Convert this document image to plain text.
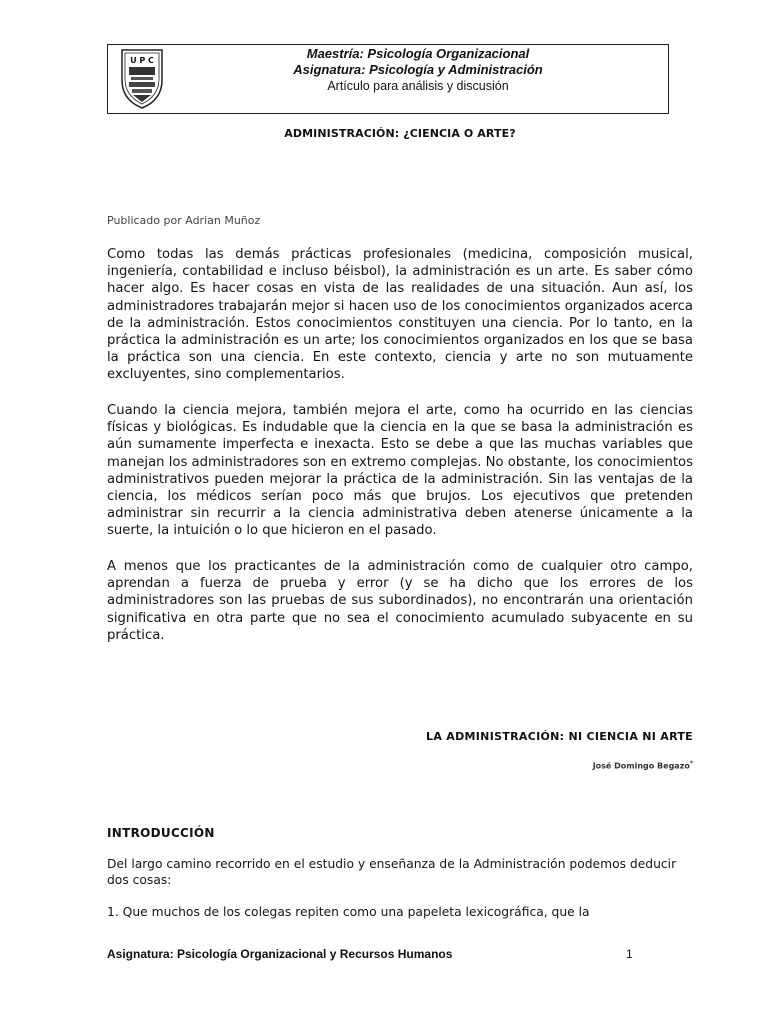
U P C	Maestría: Psicología Organizacional
Asignatura: Psicología y Administración
Artículo para análisis y discusión
ADMINISTRACIÓN: ¿CIENCIA O ARTE?
Publicado por Adrian Muñoz
Como todas las demás prácticas profesionales (medicina, composición musical, ingeniería, contabilidad e incluso béisbol), la administración es un arte. Es saber cómo hacer algo. Es hacer cosas en vista de las realidades de una situación. Aun así, los administradores trabajarán mejor si hacen uso de los conocimientos organizados acerca de la administración. Estos conocimientos constituyen una ciencia. Por lo tanto, en la práctica la administración es un arte; los conocimientos organizados en los que se basa la práctica son una ciencia. En este contexto, ciencia y arte no son mutuamente excluyentes, sino complementarios.
Cuando la ciencia mejora, también mejora el arte, como ha ocurrido en las ciencias físicas y biológicas. Es indudable que la ciencia en la que se basa la administración es aún sumamente imperfecta e inexacta. Esto se debe a que las muchas variables que manejan los administradores son en extremo complejas. No obstante, los conocimientos administrativos pueden mejorar la práctica de la administración. Sin las ventajas de la ciencia, los médicos serían poco más que brujos. Los ejecutivos que pretenden administrar sin recurrir a la ciencia administrativa deben atenerse únicamente a la suerte, la intuición o lo que hicieron en el pasado.
A menos que los practicantes de la administración como de cualquier otro campo, aprendan a fuerza de prueba y error (y se ha dicho que los errores de los administradores son las pruebas de sus subordinados), no encontrarán una orientación significativa en otra parte que no sea el conocimiento acumulado subyacente en su práctica.
LA ADMINISTRACIÓN: NI CIENCIA NI ARTE
José Domingo Begazo*
INTRODUCCIÓN
Del largo camino recorrido en el estudio y enseñanza de la Administración podemos deducir dos cosas:
1. Que muchos de los colegas repiten como una papeleta lexicográfica, que la
Asignatura: Psicología Organizacional y Recursos Humanos	1
